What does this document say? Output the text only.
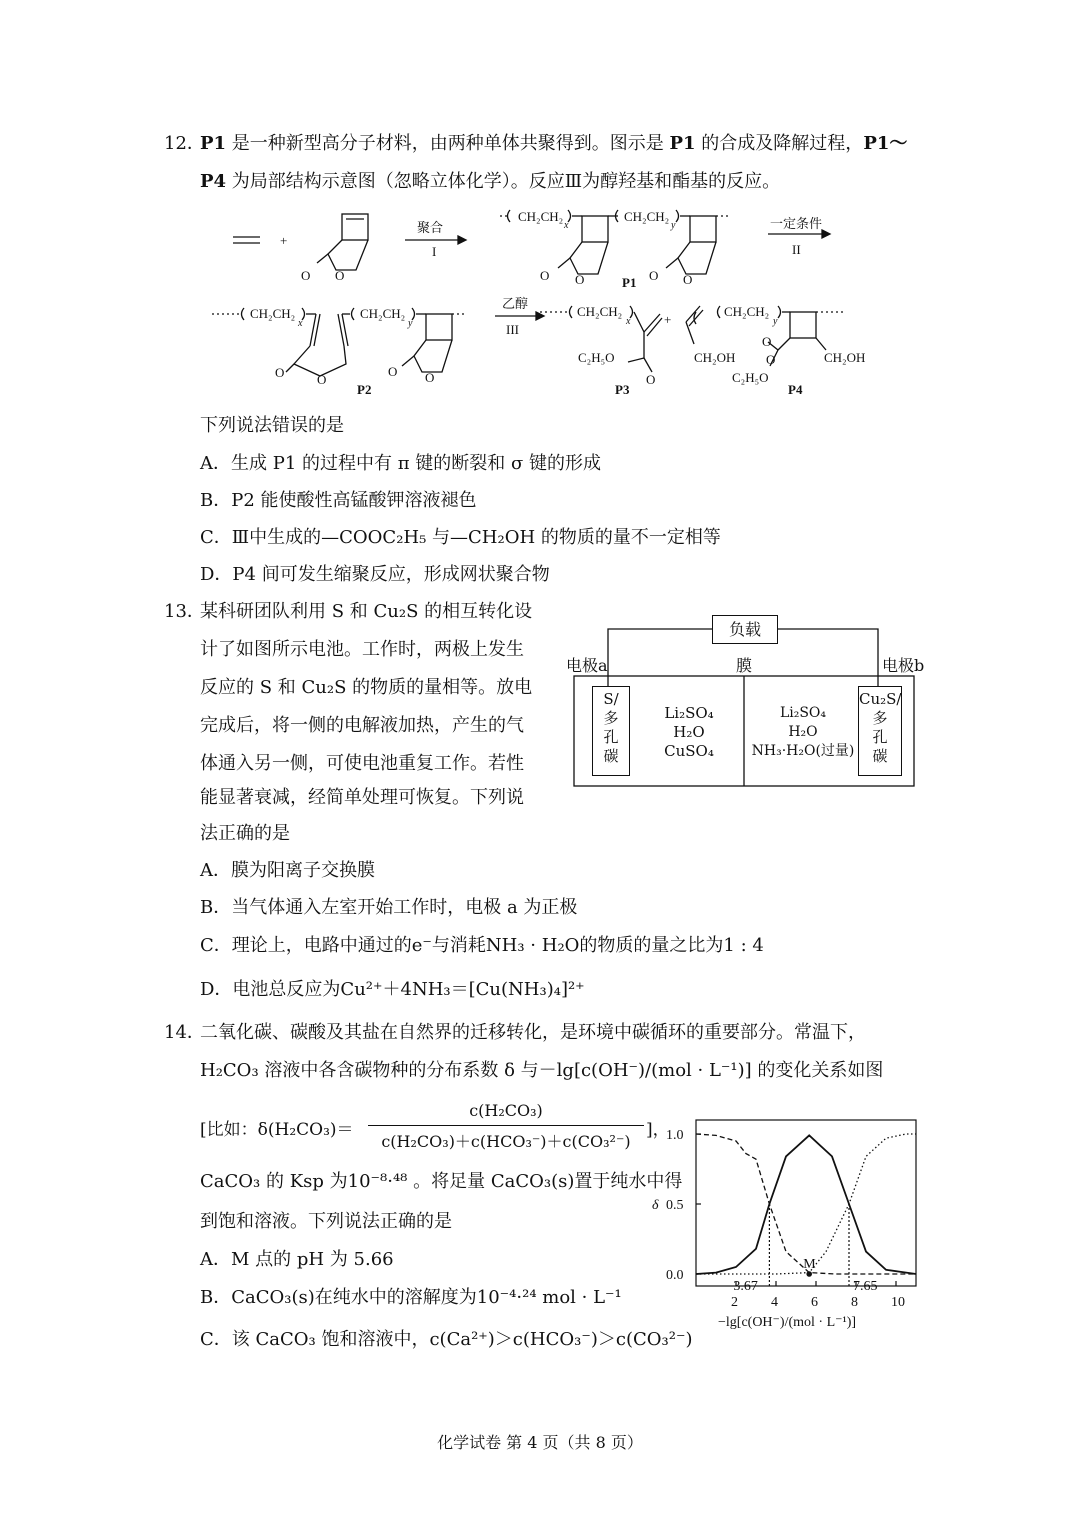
12．
P1 是一种新型高分子材料，由两种单体共聚得到。图示是 P1 的合成及降解过程，P1～
P4 为局部结构示意图（忽略立体化学）。反应Ⅲ为醇羟基和酯基的反应。
+
O O
聚合
I
CH₂CH₂
x
CH₂CH₂
y
O O	O O
P1
一定条件
II
CH₂CH₂
x
CH₂CH₂
y
O	O
O O
P2
乙醇
III
CH₂CH₂
x
C₂H₅O
O
P3
+
CH₂OH
CH₂CH₂
y
O
C₂H₅O
O	CH₂OH
P4
下列说法错误的是
A．生成 P1 的过程中有 π 键的断裂和 σ 键的形成
B．P2 能使酸性高锰酸钾溶液褪色
C．Ⅲ中生成的—COOC₂H₅ 与—CH₂OH 的物质的量不一定相等
D．P4 间可发生缩聚反应，形成网状聚合物
13．
某科研团队利用 S 和 Cu₂S 的相互转化设
计了如图所示电池。工作时，两极上发生
反应的 S 和 Cu₂S 的物质的量相等。放电
完成后，将一侧的电解液加热，产生的气
体通入另一侧，可使电池重复工作。若性
能显著衰减，经简单处理可恢复。下列说
法正确的是
负载
电极a	膜	电极b
S/
多
孔
碳
Li₂SO₄
H₂O
CuSO₄
Li₂SO₄
H₂O
NH₃·H₂O(过量)
Cu₂S/
多
孔
碳
A．膜为阳离子交换膜
B．当气体通入左室开始工作时，电极 a 为正极
C．理论上，电路中通过的e⁻与消耗NH₃ · H₂O的物质的量之比为1 : 4
D．电池总反应为Cu²⁺＋4NH₃＝[Cu(NH₃)₄]²⁺
14．
二氧化碳、碳酸及其盐在自然界的迁移转化，是环境中碳循环的重要部分。常温下，
H₂CO₃ 溶液中各含碳物种的分布系数 δ 与－lg[c(OH⁻)/(mol · L⁻¹)] 的变化关系如图
[比如：δ(H₂CO₃)＝
c(H₂CO₃)
c(H₂CO₃)＋c(HCO₃⁻)＋c(CO₃²⁻)
]，
CaCO₃ 的 Ksp 为10⁻⁸·⁴⁸ 。将足量 CaCO₃(s)置于纯水中得
到饱和溶液。下列说法正确的是
A．M 点的 pH 为 5.66
B．CaCO₃(s)在纯水中的溶解度为10⁻⁴·²⁴ mol · L⁻¹
C．该 CaCO₃ 饱和溶液中，c(Ca²⁺)＞c(HCO₃⁻)＞c(CO₃²⁻)
0.0
0.5
1.0
2 4 6 8 10
δ
−lg[c(OH⁻)/(mol · L⁻¹)]
3.67	7.65
M
化学试卷 第 4 页（共 8 页）
